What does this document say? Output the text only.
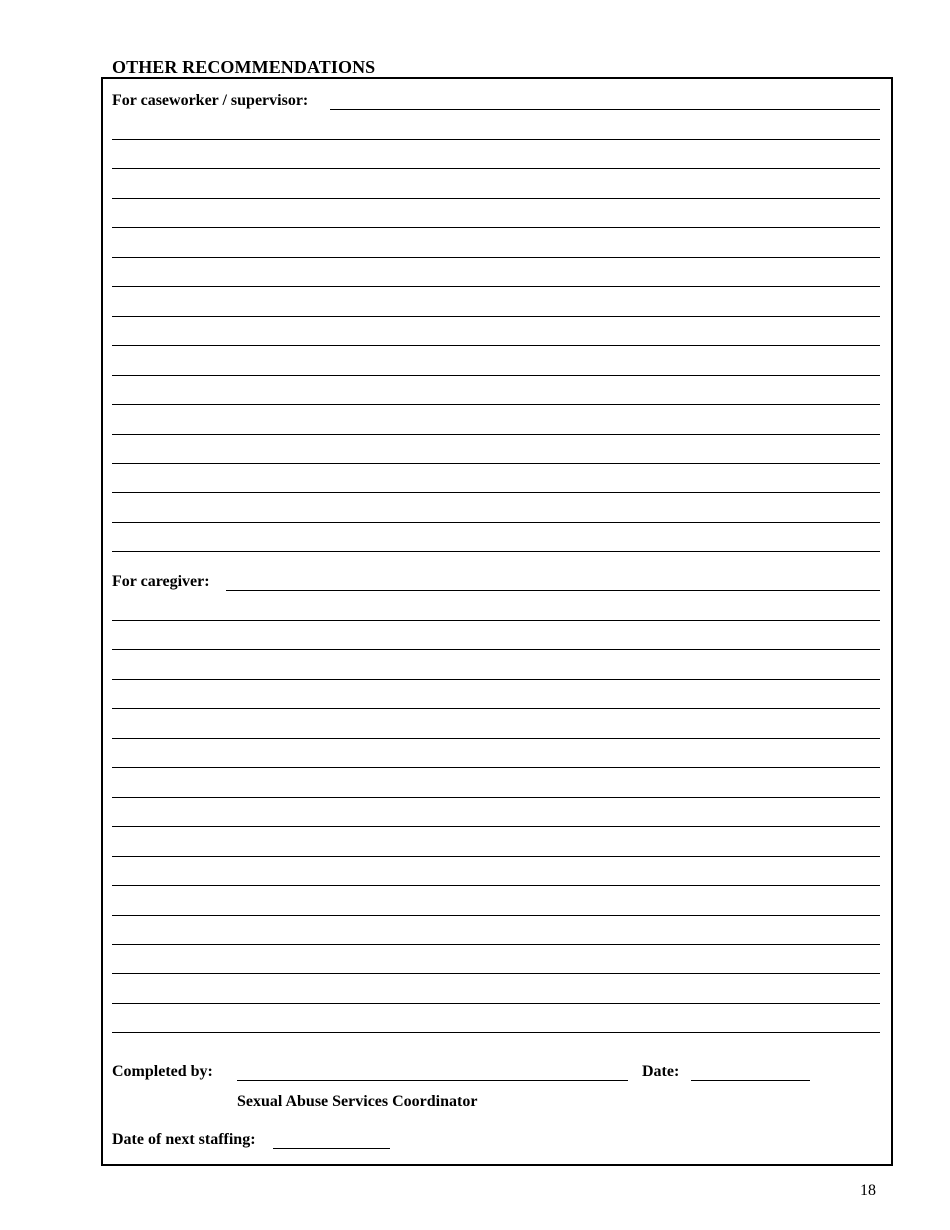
OTHER RECOMMENDATIONS
For caseworker / supervisor:
For caregiver:
Completed by:	Date:
Sexual Abuse Services Coordinator
Date of next staffing:
18
